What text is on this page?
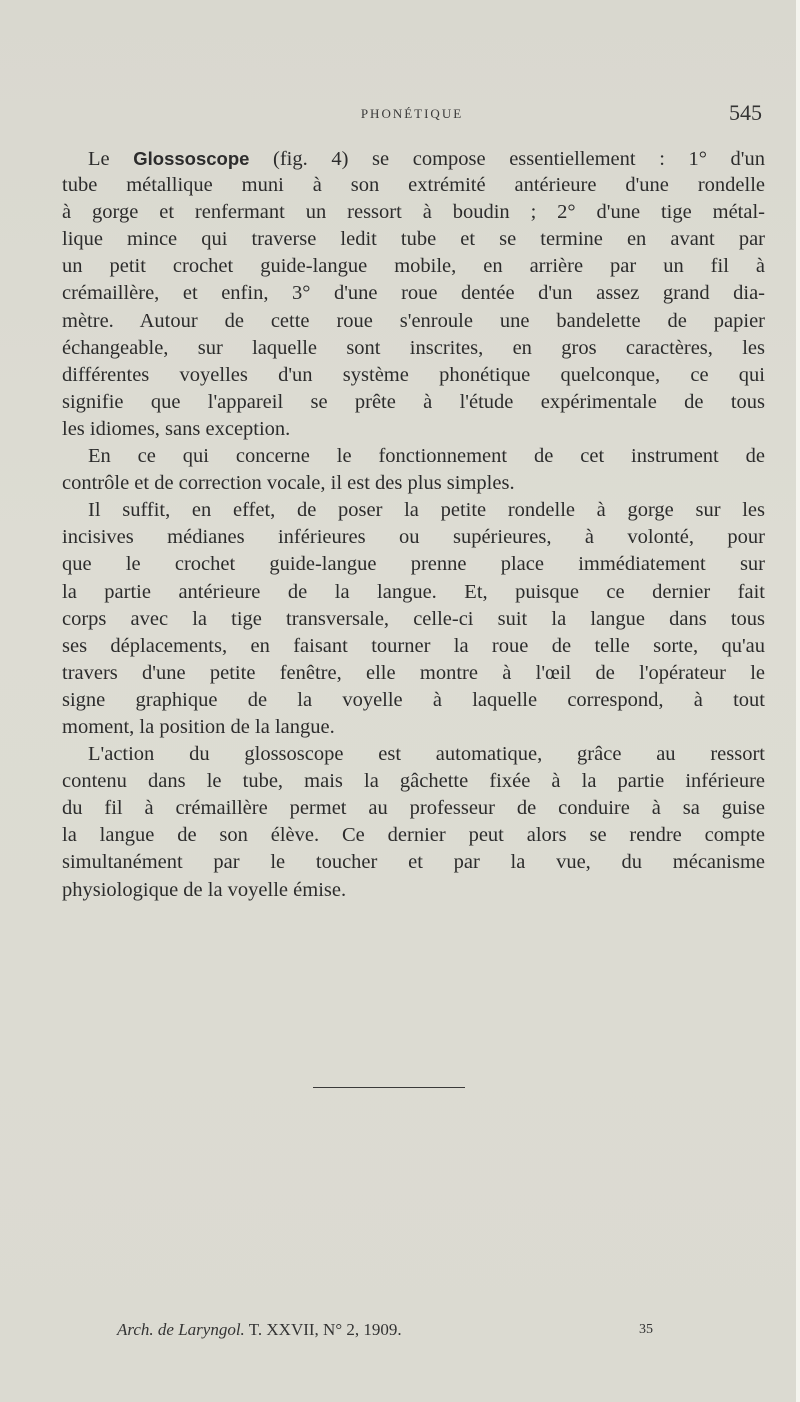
PHONÉTIQUE	545
Le Glossoscope (fig. 4) se compose essentiellement : 1° d'un
tube métallique muni à son extrémité antérieure d'une rondelle
à gorge et renfermant un ressort à boudin ; 2° d'une tige métal-
lique mince qui traverse ledit tube et se termine en avant par
un petit crochet guide-langue mobile, en arrière par un fil à
crémaillère, et enfin, 3° d'une roue dentée d'un assez grand dia-
mètre. Autour de cette roue s'enroule une bandelette de papier
échangeable, sur laquelle sont inscrites, en gros caractères, les
différentes voyelles d'un système phonétique quelconque, ce qui
signifie que l'appareil se prête à l'étude expérimentale de tous
les idiomes, sans exception.
En ce qui concerne le fonctionnement de cet instrument de
contrôle et de correction vocale, il est des plus simples.
Il suffit, en effet, de poser la petite rondelle à gorge sur les
incisives médianes inférieures ou supérieures, à volonté, pour
que le crochet guide-langue prenne place immédiatement sur
la partie antérieure de la langue. Et, puisque ce dernier fait
corps avec la tige transversale, celle-ci suit la langue dans tous
ses déplacements, en faisant tourner la roue de telle sorte, qu'au
travers d'une petite fenêtre, elle montre à l'œil de l'opérateur le
signe graphique de la voyelle à laquelle correspond, à tout
moment, la position de la langue.
L'action du glossoscope est automatique, grâce au ressort
contenu dans le tube, mais la gâchette fixée à la partie inférieure
du fil à crémaillère permet au professeur de conduire à sa guise
la langue de son élève. Ce dernier peut alors se rendre compte
simultanément par le toucher et par la vue, du mécanisme
physiologique de la voyelle émise.
Arch. de Laryngol. T. XXVII, N° 2, 1909.	35
